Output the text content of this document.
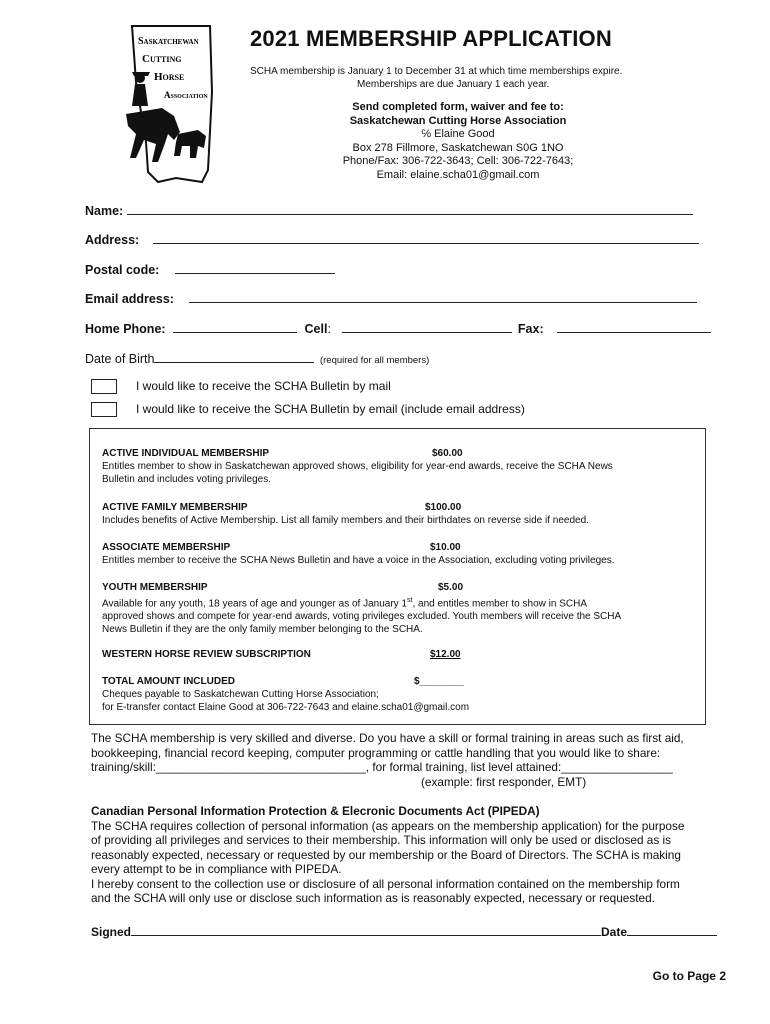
Saskatchewan
Cutting
Horse
Association
2021 MEMBERSHIP APPLICATION
SCHA membership is January 1 to December 31 at which time memberships expire.
Memberships are due January 1 each year.
Send completed form, waiver and fee to:
Saskatchewan Cutting Horse Association
℅ Elaine Good
Box 278 Fillmore, Saskatchewan S0G 1NO
Phone/Fax: 306-722-3643; Cell: 306-722-7643;
Email: elaine.scha01@gmail.com
Name:
Address:
Postal code:
Email address:
Home Phone:	Cell:	Fax:
Date of Birth	(required for all members)
I would like to receive the SCHA Bulletin by mail
I would like to receive the SCHA Bulletin by email (include email address)
ACTIVE INDIVIDUAL MEMBERSHIP	$60.00

Entitles member to show in Saskatchewan approved shows, eligibility for year-end awards, receive the SCHA News
Bulletin and includes voting privileges.
ACTIVE FAMILY MEMBERSHIP	$100.00

Includes benefits of Active Membership. List all family members and their birthdates on reverse side if needed.
ASSOCIATE MEMBERSHIP	$10.00

Entitles member to receive the SCHA News Bulletin and have a voice in the Association, excluding voting privileges.
YOUTH MEMBERSHIP	$5.00

Available for any youth, 18 years of age and younger as of January 1st, and entitles member to show in SCHA
approved shows and compete for year-end awards, voting privileges excluded. Youth members will receive the SCHA
News Bulletin if they are the only family member belonging to the SCHA.
WESTERN HORSE REVIEW SUBSCRIPTION	$12.00
TOTAL AMOUNT INCLUDED	$________

Cheques payable to Saskatchewan Cutting Horse Association;
for E-transfer contact Elaine Good at 306-722-7643 and elaine.scha01@gmail.com
The SCHA membership is very skilled and diverse. Do you have a skill or formal training in areas such as first aid,
bookkeeping, financial record keeping, computer programming or cattle handling that you would like to share:
training/skill:________________________________, for formal training, list level attained:_________________
(example: first responder, EMT)
Canadian Personal Information Protection & Elecronic Documents Act (PIPEDA)
The SCHA requires collection of personal information (as appears on the membership application) for the purpose
of providing all privileges and services to their membership. This information will only be used or disclosed as is
reasonably expected, necessary or requested by our membership or the Board of Directors. The SCHA is making
every attempt to be in compliance with PIPEDA.
I hereby consent to the collection use or disclosure of all personal information contained on the membership form
and the SCHA will only use or disclose such information as is reasonably expected, necessary or requested.
Signed	Date
Go to Page 2
